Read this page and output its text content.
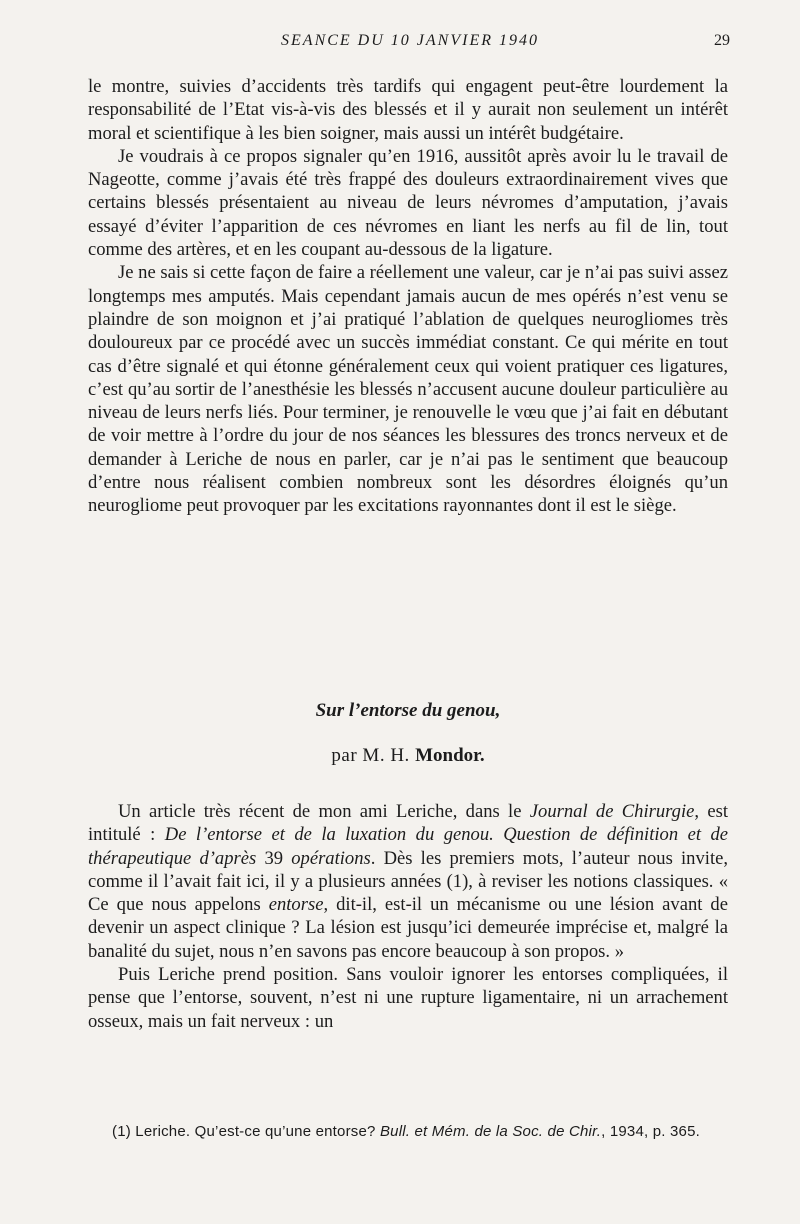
SEANCE DU 10 JANVIER 1940	29

le montre, suivies d’accidents très tardifs qui engagent peut-être lourdement la responsabilité de l’Etat vis-à-vis des blessés et il y aurait non seulement un intérêt moral et scientifique à les bien soigner, mais aussi un intérêt budgétaire.

Je voudrais à ce propos signaler qu’en 1916, aussitôt après avoir lu le travail de Nageotte, comme j’avais été très frappé des douleurs extraordinairement vives que certains blessés présentaient au niveau de leurs névromes d’amputation, j’avais essayé d’éviter l’apparition de ces névromes en liant les nerfs au fil de lin, tout comme des artères, et en les coupant au-dessous de la ligature.

Je ne sais si cette façon de faire a réellement une valeur, car je n’ai pas suivi assez longtemps mes amputés. Mais cependant jamais aucun de mes opérés n’est venu se plaindre de son moignon et j’ai pratiqué l’ablation de quelques neurogliomes très douloureux par ce procédé avec un succès immédiat constant. Ce qui mérite en tout cas d’être signalé et qui étonne généralement ceux qui voient pratiquer ces ligatures, c’est qu’au sortir de l’anesthésie les blessés n’accusent aucune douleur particulière au niveau de leurs nerfs liés. Pour terminer, je renouvelle le vœu que j’ai fait en débutant de voir mettre à l’ordre du jour de nos séances les blessures des troncs nerveux et de demander à Leriche de nous en parler, car je n’ai pas le sentiment que beaucoup d’entre nous réalisent combien nombreux sont les désordres éloignés qu’un neurogliome peut provoquer par les excitations rayonnantes dont il est le siège.

Sur l’entorse du genou,
par M. H. Mondor.

Un article très récent de mon ami Leriche, dans le Journal de Chirurgie, est intitulé : De l’entorse et de la luxation du genou. Question de définition et de thérapeutique d’après 39 opérations. Dès les premiers mots, l’auteur nous invite, comme il l’avait fait ici, il y a plusieurs années (1), à reviser les notions classiques. « Ce que nous appelons entorse, dit-il, est-il un mécanisme ou une lésion avant de devenir un aspect clinique ? La lésion est jusqu’ici demeurée imprécise et, malgré la banalité du sujet, nous n’en savons pas encore beaucoup à son propos. »

Puis Leriche prend position. Sans vouloir ignorer les entorses compliquées, il pense que l’entorse, souvent, n’est ni une rupture ligamentaire, ni un arrachement osseux, mais un fait nerveux : un

(1) Leriche. Qu’est-ce qu’une entorse? Bull. et Mém. de la Soc. de Chir., 1934, p. 365.
